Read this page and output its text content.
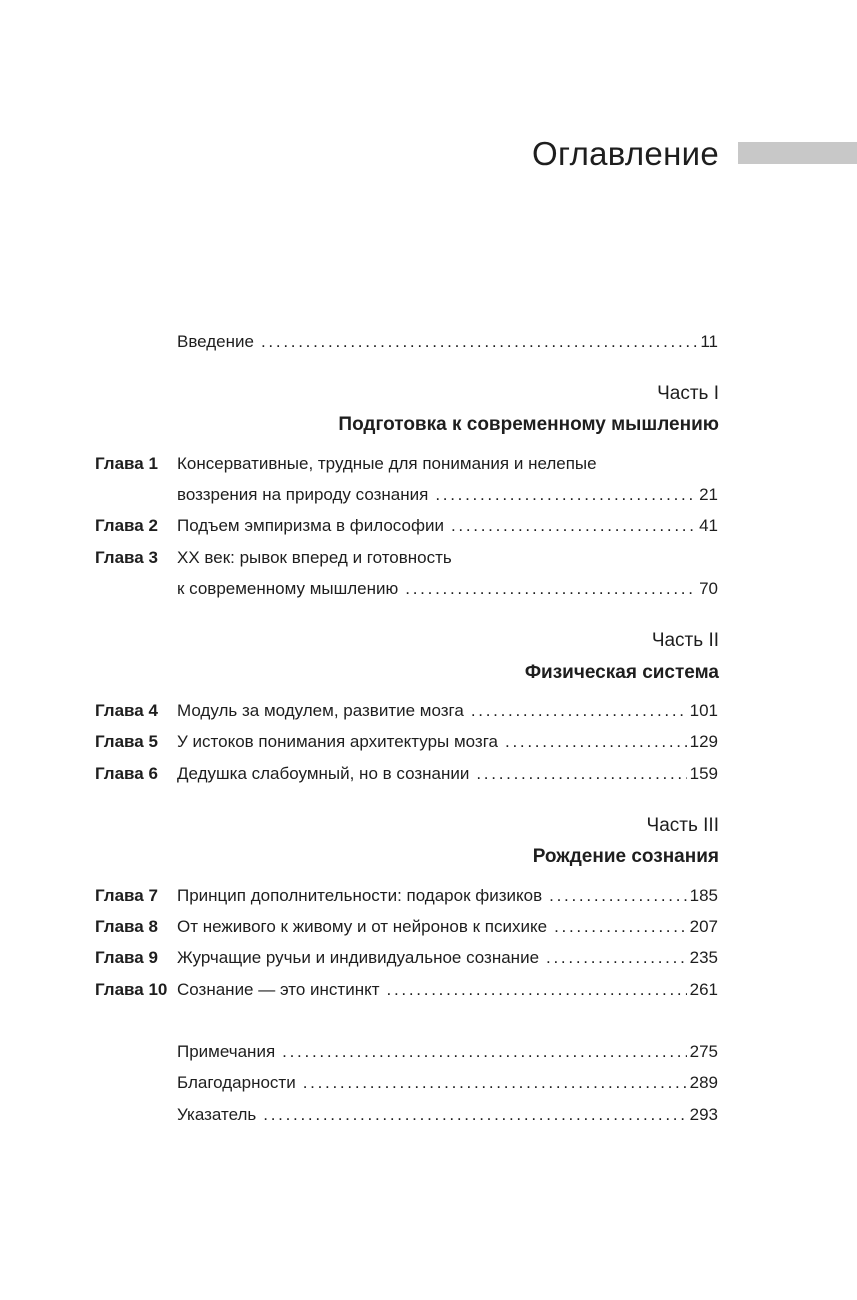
Оглавление
Введение . . .	11
Часть I
Подготовка к современному мышлению
Глава 1 Консервативные, трудные для понимания и нелепые
воззрения на природу сознания . . .	21
Глава 2 Подъем эмпиризма в философии . . .	41
Глава 3 XX век: рывок вперед и готовность
к современному мышлению . . .	70
Часть II
Физическая система
Глава 4 Модуль за модулем, развитие мозга . . .	101
Глава 5 У истоков понимания архитектуры мозга . . .	129
Глава 6 Дедушка слабоумный, но в сознании . . .	159
Часть III
Рождение сознания
Глава 7 Принцип дополнительности: подарок физиков . . .	185
Глава 8 От неживого к живому и от нейронов к психике . . .	207
Глава 9 Журчащие ручьи и индивидуальное сознание . . .	235
Глава 10 Сознание — это инстинкт . . .	261
Примечания . . .	275
Благодарности . . .	289
Указатель . . .	293
